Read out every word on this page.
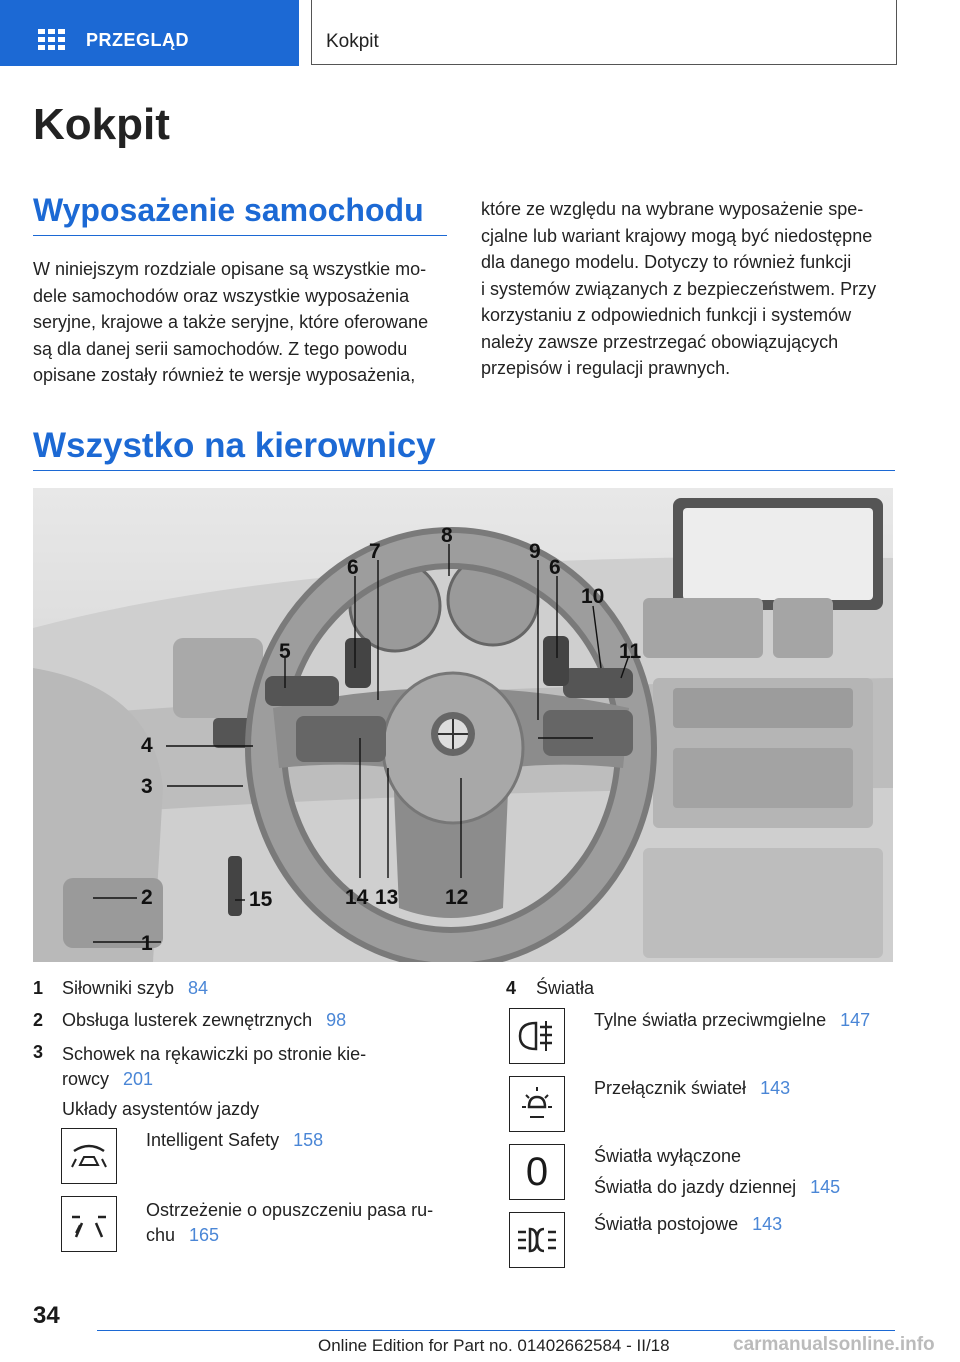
PRZEGLĄD	Kokpit
Kokpit
Wyposażenie samochodu
W niniejszym rozdziale opisane są wszystkie mo‐
dele samochodów oraz wszystkie wyposażenia
seryjne, krajowe a także seryjne, które oferowane
są dla danej serii samochodów. Z tego powodu
opisane zostały również te wersje wyposażenia,
które ze względu na wybrane wyposażenie spe‐
cjalne lub wariant krajowy mogą być niedostępne
dla danego modelu. Dotyczy to również funkcji
i systemów związanych z bezpieczeństwem. Przy
korzystaniu z odpowiednich funkcji i systemów
należy zawsze przestrzegać obowiązujących
przepisów i regulacji prawnych.
Wszystko na kierownicy
1
2
3
4
5
6
7
8
9
6
10
11
12
13
14
15
1 Siłowniki szyb 84
2 Obsługa lusterek zewnętrznych 98
3 Schowek na rękawiczki po stronie kie‐
rowcy 201
Układy asystentów jazdy
Intelligent Safety 158
Ostrzeżenie o opuszczeniu pasa ru‐
chu 165
4 Światła
Tylne światła przeciwmgielne 147
Przełącznik świateł 143
0	Światła wyłączone
Światła do jazdy dziennej 145
Światła postojowe 143
34
Online Edition for Part no. 01402662584 - II/18	carmanualsonline.info
